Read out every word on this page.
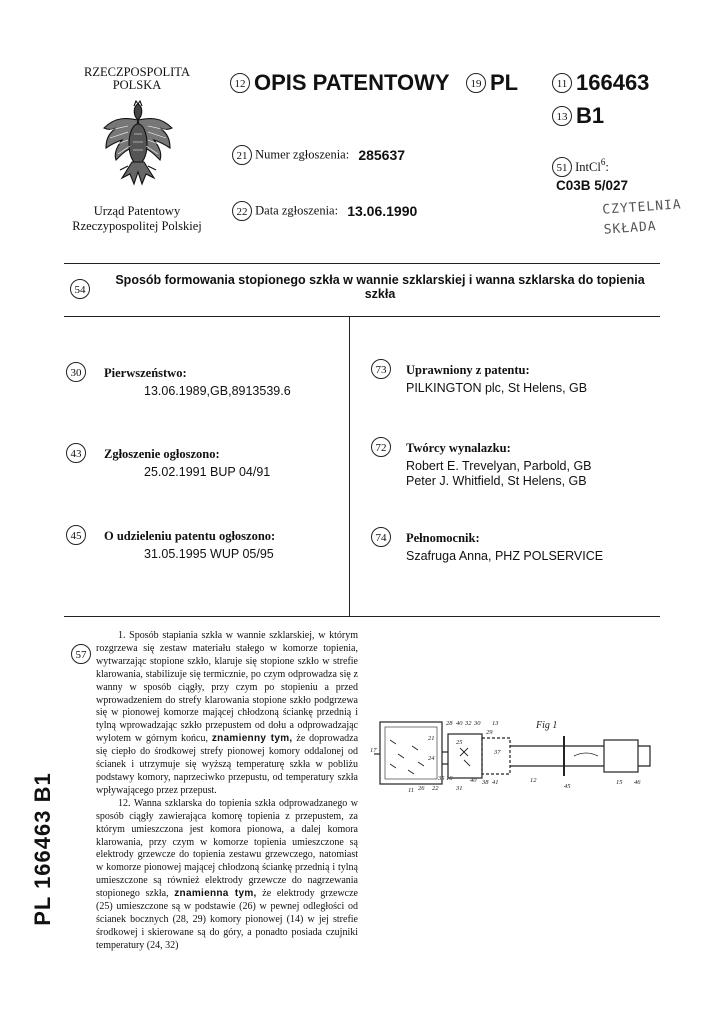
RZECZPOSPOLITA
POLSKA
Urząd Patentowy
Rzeczypospolitej Polskiej
12 OPIS PATENTOWY	19 PL	11 166463
13 B1
21 Numer zgłoszenia: 285637
22 Data zgłoszenia: 13.06.1990
51 IntCl$^6$:
C03B 5/027
CZYTELNIA
SKŁADA
54
Sposób formowania stopionego szkła w wannie szklarskiej i wanna szklarska do topienia
szkła
30	Pierwszeństwo:
13.06.1989,GB,8913539.6
43	Zgłoszenie ogłoszono:
25.02.1991 BUP 04/91
45	O udzieleniu patentu ogłoszono:
31.05.1995 WUP 05/95
73	Uprawniony z patentu:
PILKINGTON plc, St Helens, GB
72	Twórcy wynalazku:
Robert E. Trevelyan, Parbold, GB
Peter J. Whitfield, St Helens, GB
74	Pełnomocnik:
Szafruga Anna, PHZ POLSERVICE
57

1. Sposób stapiania szkła w wannie szklarskiej, w którym rozgrzewa się zestaw materiału stałego w komorze topienia, wytwarzając stopione szkło, klaruje się stopione szkło w strefie klarowania, stabilizuje się termicznie, po czym odprowadza się z wanny w sposób ciągły, przy czym po stopieniu a przed wprowadzeniem do strefy klarowania stopione szkło podgrzewa się w pionowej komorze mającej chłodzoną ściankę przednią i tylną wprowadzając szkło przepustem od dołu a odprowadzając wylotem w górnym końcu, znamienny tym, że doprowadza się ciepło do środkowej strefy pionowej komory oddalonej od ścianek i utrzymuje się wyższą temperaturę szkła w pobliżu podstawy komory, naprzeciwko przepustu, od temperatury szkła wpływającego przez przepust.

12. Wanna szklarska do topienia szkła odprowadzanego w sposób ciągły zawierająca komorę topienia z przepustem, za którym umieszczona jest komora pionowa, a dalej komora klarowania, przy czym w komorze topienia umieszczone są elektrody grzewcze do topienia zestawu grzewczego, natomiast w komorze pionowej mającej chłodzoną ściankę przednią i tylną umieszczone są również elektrody grzewcze do nagrzewania stopionego szkła, znamienna tym, że elektrody grzewcze (25) umieszczone są w podstawie (26) w pewnej odległości od ścianek bocznych (28, 29) komory pionowej (14) w jej strefie środkowej i skierowane są do góry, a ponadto posiada czujniki temperatury (24, 32)

28 40 32 30 13
21
25
24
29
37
35 16
22	31
40 38 41
11
12
17
45
15 46
26
Fig 1
PL 166463 B1
